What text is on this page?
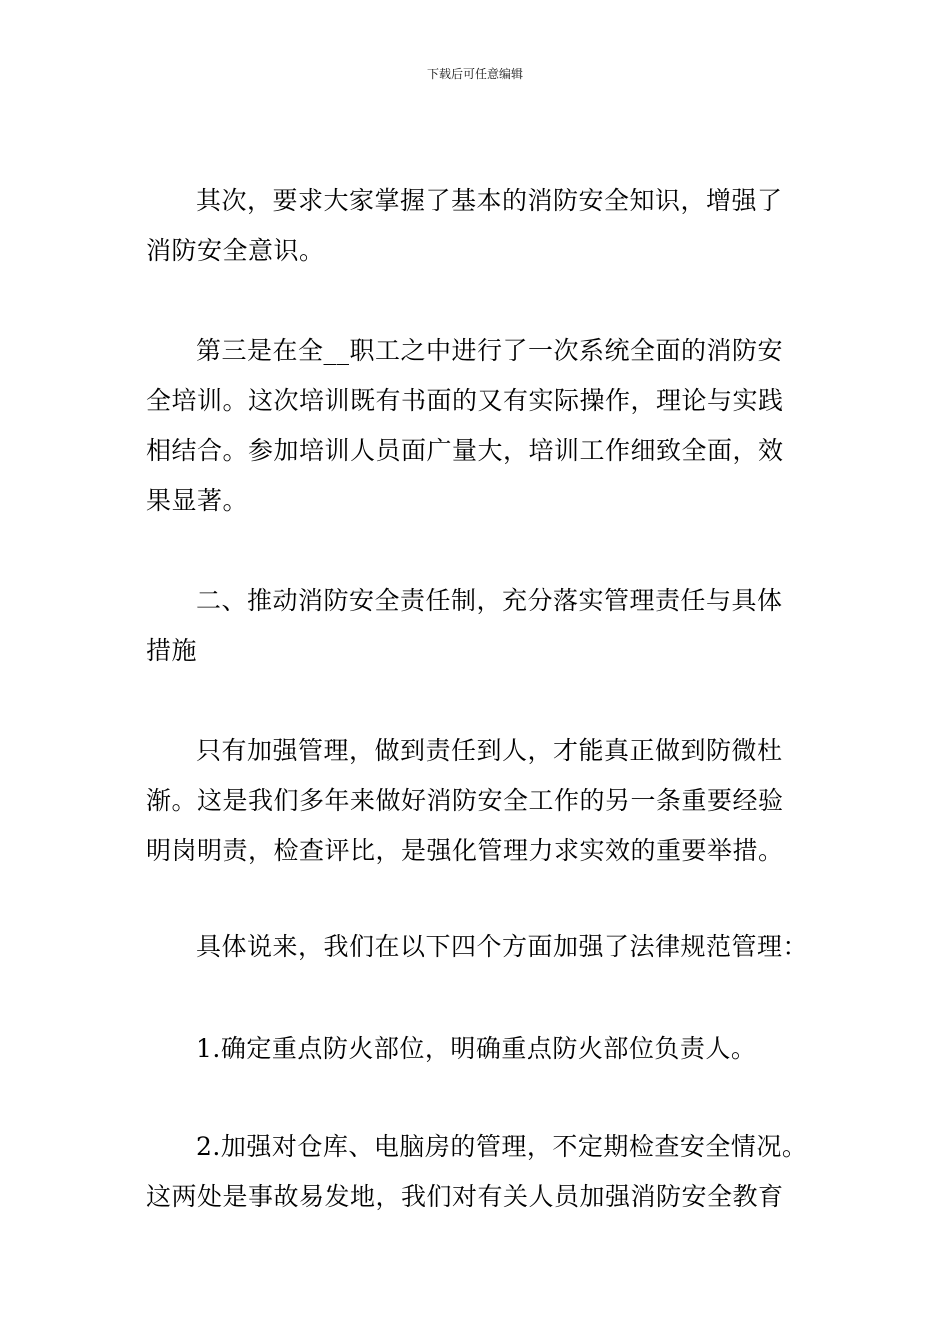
下载后可任意编辑
其次，要求大家掌握了基本的消防安全知识，增强了
消防安全意识。
第三是在全__职工之中进行了一次系统全面的消防安
全培训。这次培训既有书面的又有实际操作，理论与实践
相结合。参加培训人员面广量大，培训工作细致全面，效
果显著。
二、推动消防安全责任制，充分落实管理责任与具体
措施
只有加强管理，做到责任到人，才能真正做到防微杜
渐。这是我们多年来做好消防安全工作的另一条重要经验
明岗明责，检查评比，是强化管理力求实效的重要举措。
具体说来，我们在以下四个方面加强了法律规范管理：
1.确定重点防火部位，明确重点防火部位负责人。
2.加强对仓库、电脑房的管理，不定期检查安全情况。
这两处是事故易发地，我们对有关人员加强消防安全教育
